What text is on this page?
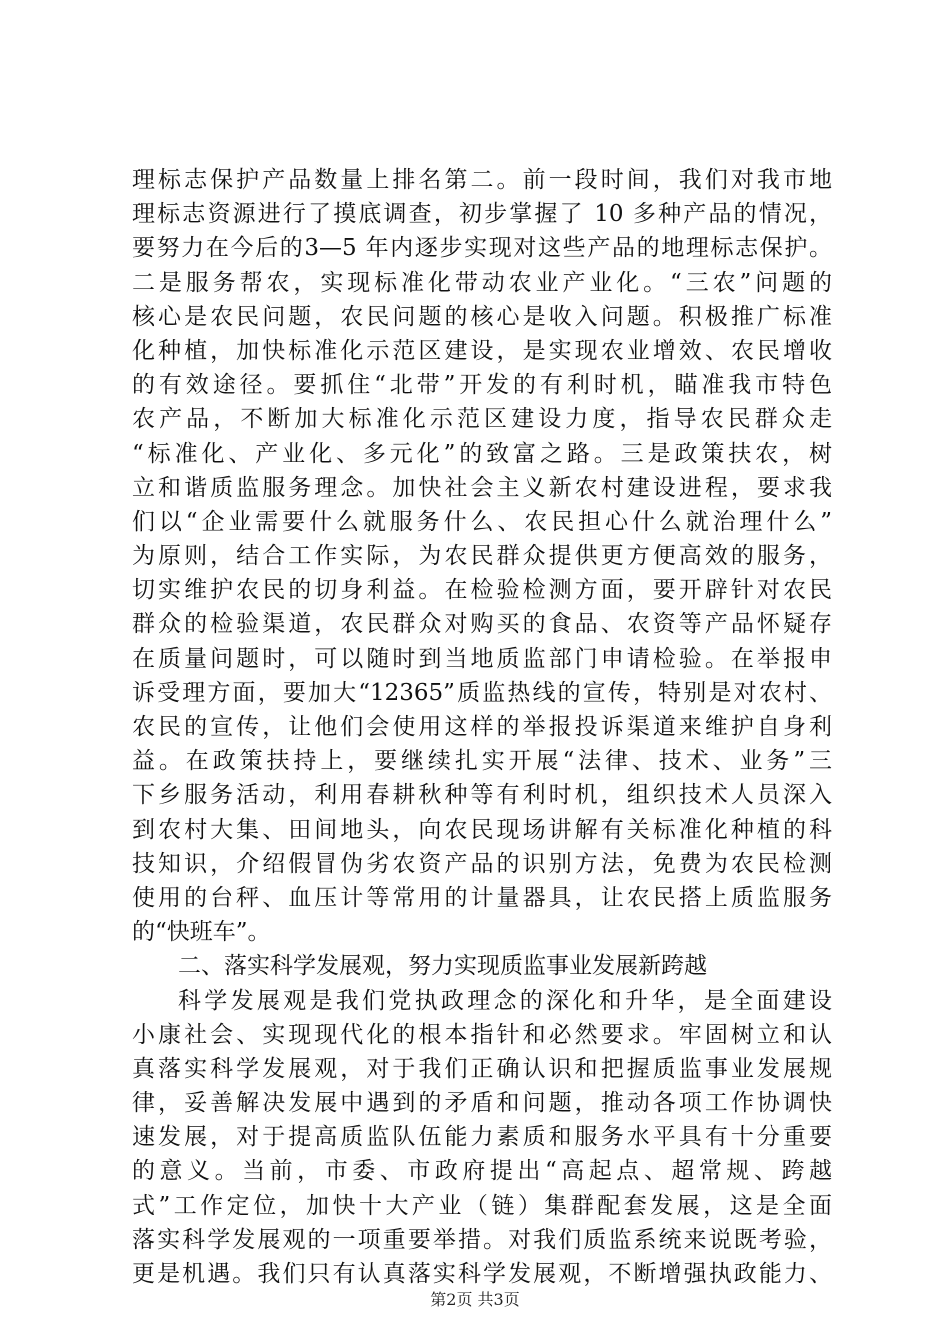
理标志保护产品数量上排名第二。前一段时间，我们对我市地
理标志资源进行了摸底调查，初步掌握了 10 多种产品的情况，
要努力在今后的3—5 年内逐步实现对这些产品的地理标志保护。
二是服务帮农，实现标准化带动农业产业化。“三农”问题的
核心是农民问题，农民问题的核心是收入问题。积极推广标准
化种植，加快标准化示范区建设，是实现农业增效、农民增收
的有效途径。要抓住“北带”开发的有利时机，瞄准我市特色
农产品，不断加大标准化示范区建设力度，指导农民群众走
“标准化、产业化、多元化”的致富之路。三是政策扶农，树
立和谐质监服务理念。加快社会主义新农村建设进程，要求我
们以“企业需要什么就服务什么、农民担心什么就治理什么”
为原则，结合工作实际，为农民群众提供更方便高效的服务，
切实维护农民的切身利益。在检验检测方面，要开辟针对农民
群众的检验渠道，农民群众对购买的食品、农资等产品怀疑存
在质量问题时，可以随时到当地质监部门申请检验。在举报申
诉受理方面，要加大“12365”质监热线的宣传，特别是对农村、
农民的宣传，让他们会使用这样的举报投诉渠道来维护自身利
益。在政策扶持上，要继续扎实开展“法律、技术、业务”三
下乡服务活动，利用春耕秋种等有利时机，组织技术人员深入
到农村大集、田间地头，向农民现场讲解有关标准化种植的科
技知识，介绍假冒伪劣农资产品的识别方法，免费为农民检测
使用的台秤、血压计等常用的计量器具，让农民搭上质监服务
的“快班车”。
二、落实科学发展观，努力实现质监事业发展新跨越
科学发展观是我们党执政理念的深化和升华，是全面建设
小康社会、实现现代化的根本指针和必然要求。牢固树立和认
真落实科学发展观，对于我们正确认识和把握质监事业发展规
律，妥善解决发展中遇到的矛盾和问题，推动各项工作协调快
速发展，对于提高质监队伍能力素质和服务水平具有十分重要
的意义。当前，市委、市政府提出“高起点、超常规、跨越
式”工作定位，加快十大产业（链）集群配套发展，这是全面
落实科学发展观的一项重要举措。对我们质监系统来说既考验，
更是机遇。我们只有认真落实科学发展观，不断增强执政能力、
第2页 共3页
